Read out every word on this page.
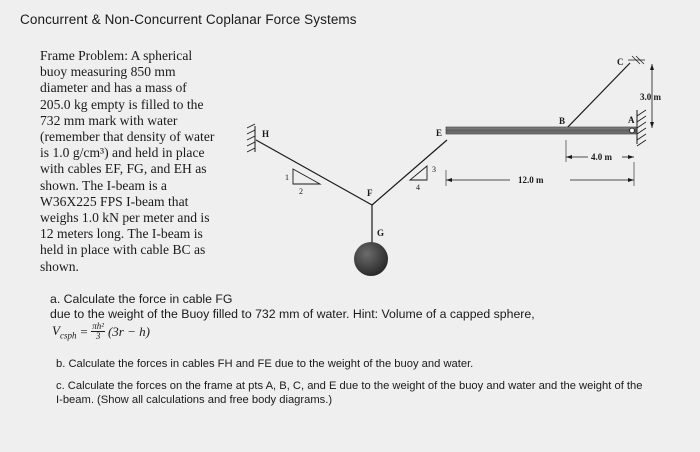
Concurrent & Non-Concurrent Coplanar Force Systems

Frame Problem: A spherical
buoy measuring 850 mm
diameter and has a mass of
205.0 kg empty is filled to the
732 mm mark with water
(remember that density of water
is 1.0 g/cm³) and held in place
with cables EF, FG, and EH as
shown. The I-beam is a
W36X225 FPS I-beam that
weighs 1.0 kN per meter and is
12 meters long. The I-beam is
held in place with cable BC as
shown.

H	E
F
G
B	A
C
1
2
3
4
12.0 m
4.0 m
3.0 m
a. Calculate the force in cable FG
due to the weight of the Buoy filled to 732 mm of water. Hint: Volume of a capped sphere,
$V_{csph} = \frac{\text{πh²}}{3} (3r - h)$
b. Calculate the forces in cables FH and FE due to the weight of the buoy and water.
c. Calculate the forces on the frame at pts A, B, C, and E due to the weight of the buoy and water and the weight of the
I-beam. (Show all calculations and free body diagrams.)
